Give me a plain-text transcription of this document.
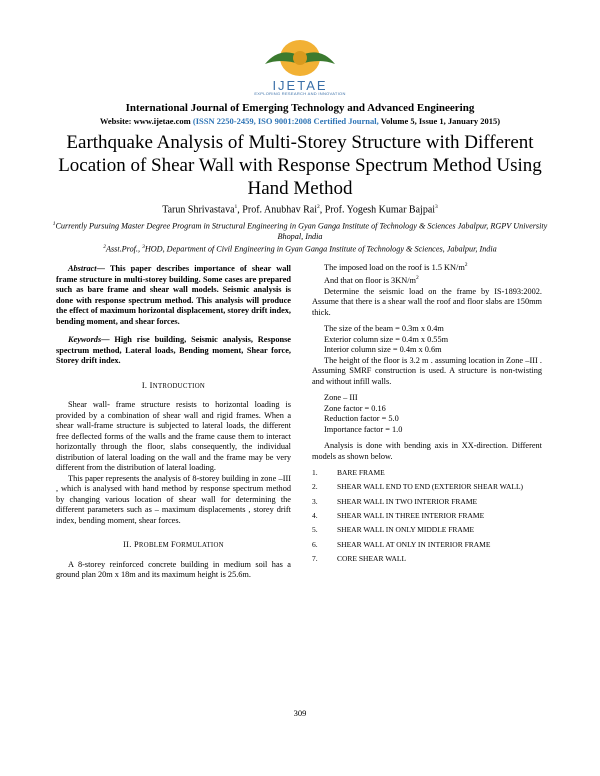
IJETAE
EXPLORING RESEARCH AND INNOVATION
International Journal of Emerging Technology and Advanced Engineering
Website: www.ijetae.com (ISSN 2250-2459, ISO 9001:2008 Certified Journal, Volume 5, Issue 1, January 2015)
Earthquake Analysis of Multi-Storey Structure with Different Location of Shear Wall with Response Spectrum Method Using Hand Method
Tarun Shrivastava$^1$, Prof. Anubhav Rai$^2$, Prof. Yogesh Kumar Bajpai$^3$
$^1$Currently Pursuing Master Degree Program in Structural Engineering in Gyan Ganga Institute of Technology & Sciences Jabalpur, RGPV University Bhopal, India
$^2$Asst.Prof., $^3$HOD, Department of Civil Engineering in Gyan Ganga Institute of Technology & Sciences, Jabalpur, India

Abstract— This paper describes importance of shear wall frame structure in multi-storey building. Some cases are prepared such as bare frame and shear wall models. Seismic analysis is done with response spectrum method. This analysis will produce the effect of maximum horizontal displacement, storey drift index, bending moment, and shear forces.

Keywords— High rise building, Seismic analysis, Response spectrum method, Lateral loads, Bending moment, Shear force, Storey drift index.

I. INTRODUCTION

Shear wall- frame structure resists to horizontal loading is provided by a combination of shear wall and rigid frames. When a shear wall-frame structure is subjected to lateral loads, the different free deflected forms of the walls and the frame cause them to interact horizontally through the floor, slabs consequently, the individual distribution of lateral loading on the wall and the frame may be very different from the distribution of lateral loading.

This paper represents the analysis of 8-storey building in zone –III , which is analysed with hand method by response spectrum method by changing various location of shear wall for determining the different parameters such as – maximum displacements , storey drift index, bending moment, shear forces.

II. PROBLEM FORMULATION

A 8-storey reinforced concrete building in medium soil has a ground plan 20m x 18m and its maximum height is 25.6m.

The imposed load on the roof is 1.5 $KN/m^2$

And that on floor is $3KN/m^2$

Determine the seismic load on the frame by IS-1893:2002. Assume that there is a shear wall the roof and floor slabs are 150mm thick.

The size of the beam = 0.3m x 0.4m

Exterior column size = 0.4m x 0.55m

Interior column size = 0.4m x 0.6m

The height of the floor is 3.2 m . assuming location in Zone –III . Assuming SMRF construction is used. A structure is non-twisting and without infill walls.

Zone – III

Zone factor = 0.16

Reduction factor = 5.0

Importance factor = 1.0

Analysis is done with bending axis in XX-direction. Different models as shown below.

1.	BARE FRAME
2.	SHEAR WALL END TO END (EXTERIOR SHEAR WALL)
3.	SHEAR WALL IN TWO INTERIOR FRAME
4.	SHEAR WALL IN THREE INTERIOR FRAME
5.	SHEAR WALL IN ONLY MIDDLE FRAME
6.	SHEAR WALL AT ONLY IN INTERIOR FRAME
7.	CORE SHEAR WALL
309
